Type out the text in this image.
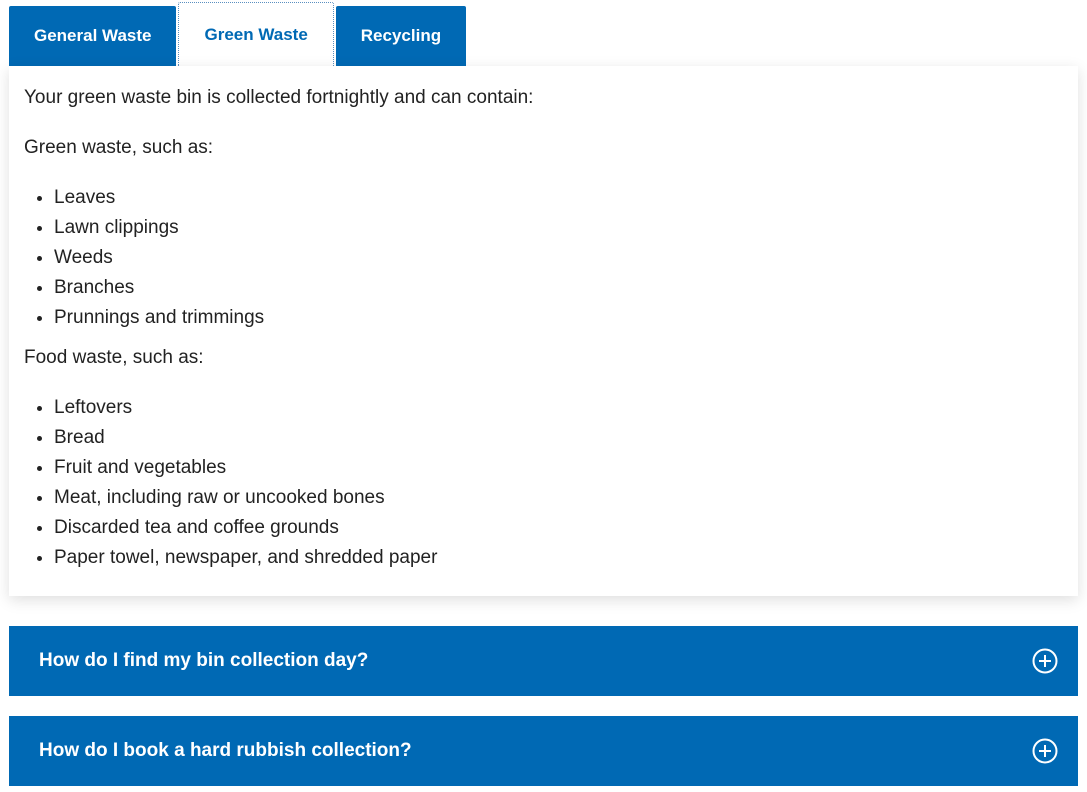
General Waste	Green Waste	Recycling

Your green waste bin is collected fortnightly and can contain:

Green waste, such as:

• Leaves
• Lawn clippings
• Weeds
• Branches
• Prunnings and trimmings

Food waste, such as:

• Leftovers
• Bread
• Fruit and vegetables
• Meat, including raw or uncooked bones
• Discarded tea and coffee grounds
• Paper towel, newspaper, and shredded paper
How do I find my bin collection day?
How do I book a hard rubbish collection?
